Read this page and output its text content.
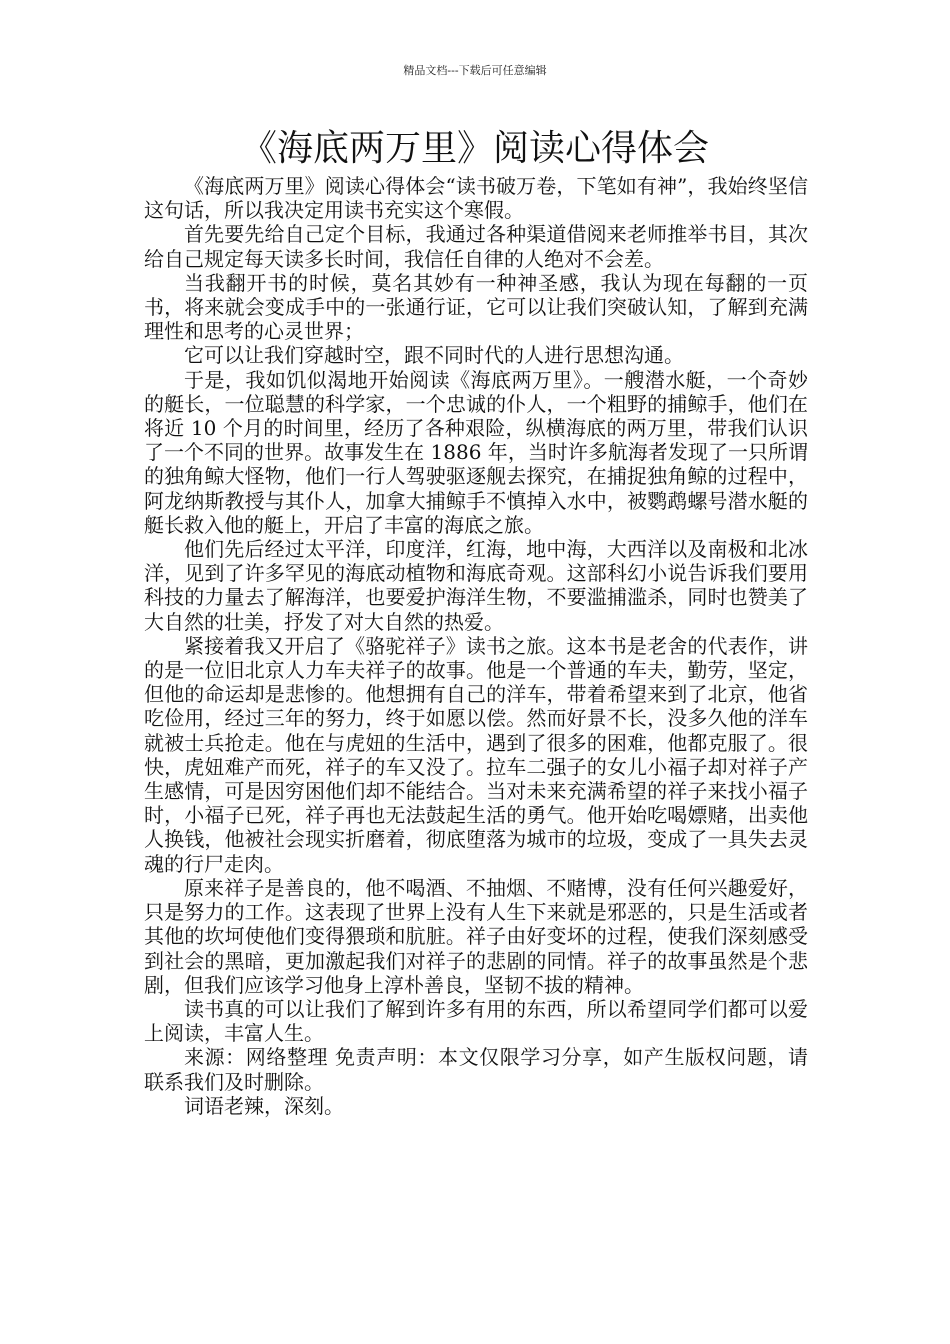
精品文档---下载后可任意编辑
《海底两万里》阅读心得体会

《海底两万里》阅读心得体会“读书破万卷，下笔如有神”，我始终坚信这句话，所以我决定用读书充实这个寒假。

首先要先给自己定个目标，我通过各种渠道借阅来老师推举书目，其次给自己规定每天读多长时间，我信任自律的人绝对不会差。

当我翻开书的时候，莫名其妙有一种神圣感，我认为现在每翻的一页书，将来就会变成手中的一张通行证，它可以让我们突破认知，了解到充满理性和思考的心灵世界；

它可以让我们穿越时空，跟不同时代的人进行思想沟通。

于是，我如饥似渴地开始阅读《海底两万里》。一艘潜水艇，一个奇妙的艇长，一位聪慧的科学家，一个忠诚的仆人，一个粗野的捕鲸手，他们在将近 10 个月的时间里，经历了各种艰险，纵横海底的两万里，带我们认识了一个不同的世界。故事发生在 1886 年，当时许多航海者发现了一只所谓的独角鲸大怪物，他们一行人驾驶驱逐舰去探究，在捕捉独角鲸的过程中，阿龙纳斯教授与其仆人，加拿大捕鲸手不慎掉入水中，被鹦鹉螺号潜水艇的艇长救入他的艇上，开启了丰富的海底之旅。

他们先后经过太平洋，印度洋，红海，地中海，大西洋以及南极和北冰洋，见到了许多罕见的海底动植物和海底奇观。这部科幻小说告诉我们要用科技的力量去了解海洋，也要爱护海洋生物，不要滥捕滥杀，同时也赞美了大自然的壮美，抒发了对大自然的热爱。

紧接着我又开启了《骆驼祥子》读书之旅。这本书是老舍的代表作，讲的是一位旧北京人力车夫祥子的故事。他是一个普通的车夫，勤劳，坚定，但他的命运却是悲惨的。他想拥有自己的洋车，带着希望来到了北京，他省吃俭用，经过三年的努力，终于如愿以偿。然而好景不长，没多久他的洋车就被士兵抢走。他在与虎妞的生活中，遇到了很多的困难，他都克服了。很快，虎妞难产而死，祥子的车又没了。拉车二强子的女儿小福子却对祥子产生感情，可是因穷困他们却不能结合。当对未来充满希望的祥子来找小福子时，小福子已死，祥子再也无法鼓起生活的勇气。他开始吃喝嫖赌，出卖他人换钱，他被社会现实折磨着，彻底堕落为城市的垃圾，变成了一具失去灵魂的行尸走肉。

原来祥子是善良的，他不喝酒、不抽烟、不赌博，没有任何兴趣爱好，只是努力的工作。这表现了世界上没有人生下来就是邪恶的，只是生活或者其他的坎坷使他们变得猥琐和肮脏。祥子由好变坏的过程，使我们深刻感受到社会的黑暗，更加激起我们对祥子的悲剧的同情。祥子的故事虽然是个悲剧，但我们应该学习他身上淳朴善良，坚韧不拔的精神。

读书真的可以让我们了解到许多有用的东西，所以希望同学们都可以爱上阅读，丰富人生。

来源：网络整理 免责声明：本文仅限学习分享，如产生版权问题，请联系我们及时删除。

词语老辣，深刻。
